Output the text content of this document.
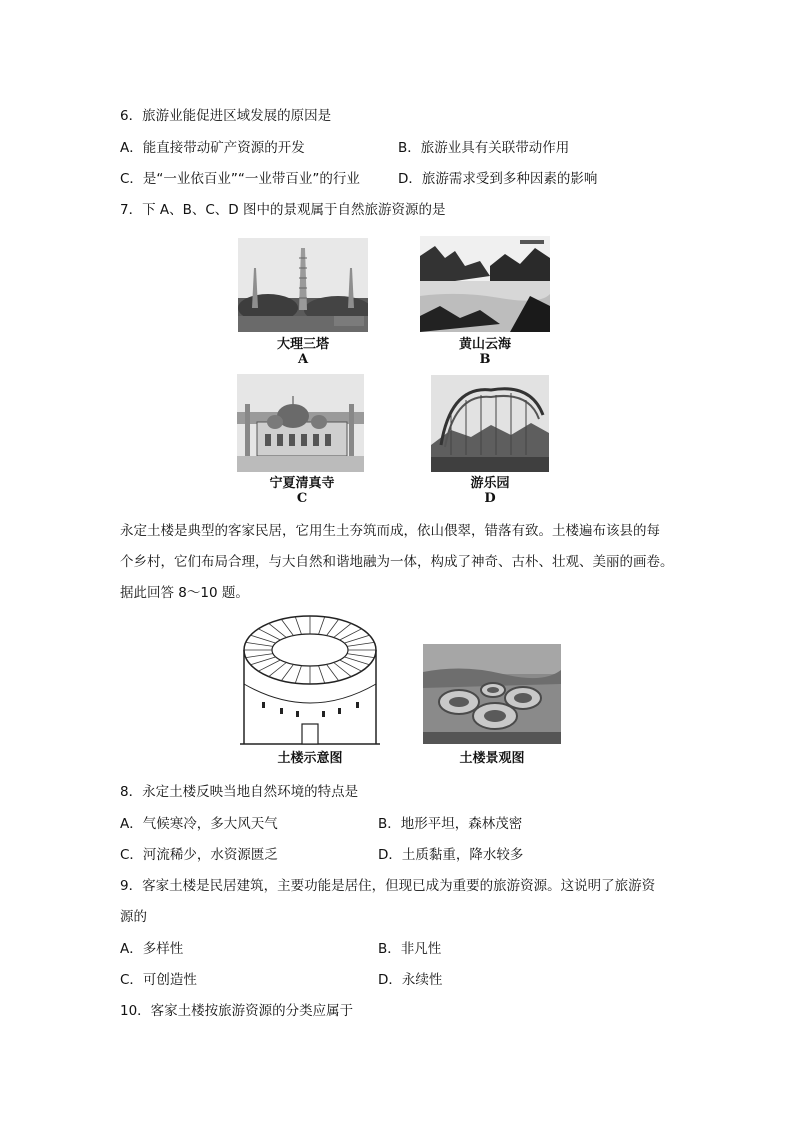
6．旅游业能促进区域发展的原因是
A．能直接带动矿产资源的开发	B．旅游业具有关联带动作用
C．是“一业依百业”“一业带百业”的行业	D．旅游需求受到多种因素的影响
7．下 A、B、C、D 图中的景观属于自然旅游资源的是
大理三塔
A
黄山云海
B
宁夏清真寺
C
游乐园
D
永定土楼是典型的客家民居，它用生土夯筑而成，依山偎翠，错落有致。土楼遍布该县的每
个乡村，它们布局合理，与大自然和谐地融为一体，构成了神奇、古朴、壮观、美丽的画卷。
据此回答 8～10 题。
土楼示意图	土楼景观图
8．永定土楼反映当地自然环境的特点是
A．气候寒冷，多大风天气	B．地形平坦，森林茂密
C．河流稀少，水资源匮乏	D．土质黏重，降水较多
9．客家土楼是民居建筑，主要功能是居住，但现已成为重要的旅游资源。这说明了旅游资
源的
A．多样性	B．非凡性
C．可创造性	D．永续性
10．客家土楼按旅游资源的分类应属于
